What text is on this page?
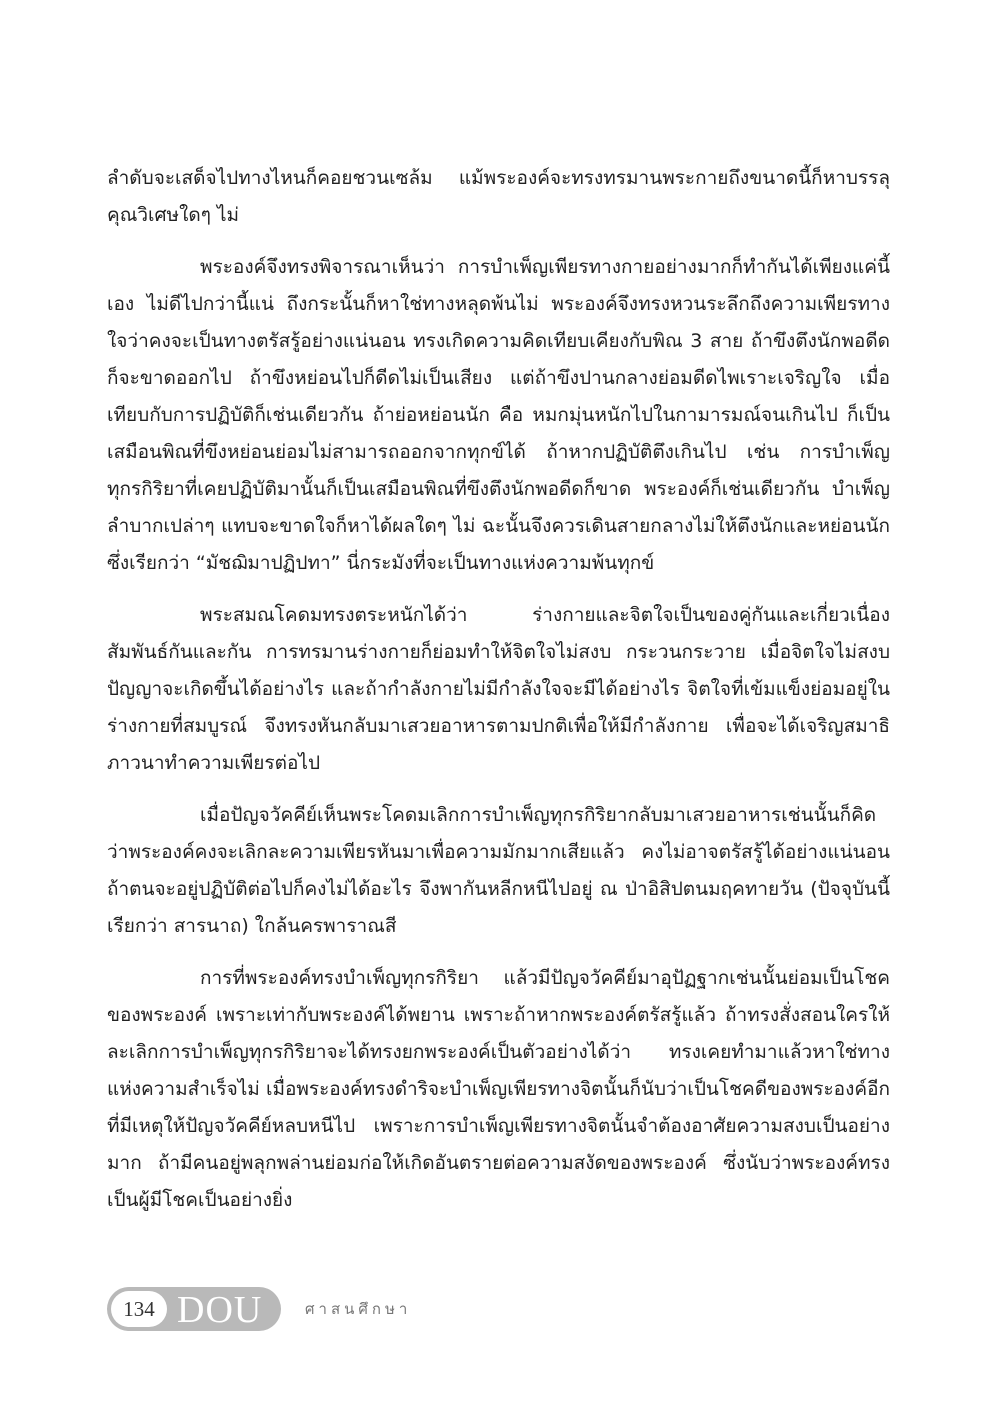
ลำดับจะเสด็จไปทางไหนก็คอยชวนเซล้ม แม้พระองค์จะทรงทรมานพระกายถึงขนาดนี้ก็หาบรรลุคุณวิเศษใดๆ ไม่

พระองค์จึงทรงพิจารณาเห็นว่า การบำเพ็ญเพียรทางกายอย่างมากก็ทำกันได้เพียงแค่นี้เอง ไม่ดีไปกว่านี้แน่ ถึงกระนั้นก็หาใช่ทางหลุดพ้นไม่ พระองค์จึงทรงหวนระลึกถึงความเพียรทางใจว่าคงจะเป็นทางตรัสรู้อย่างแน่นอน ทรงเกิดความคิดเทียบเคียงกับพิณ 3 สาย ถ้าขึงตึงนักพอดีดก็จะขาดออกไป ถ้าขึงหย่อนไปก็ดีดไม่เป็นเสียง แต่ถ้าขึงปานกลางย่อมดีดไพเราะเจริญใจ เมื่อเทียบกับการปฏิบัติก็เช่นเดียวกัน ถ้าย่อหย่อนนัก คือ หมกมุ่นหนักไปในกามารมณ์จนเกินไป ก็เป็นเสมือนพิณที่ขึงหย่อนย่อมไม่สามารถออกจากทุกข์ได้ ถ้าหากปฏิบัติตึงเกินไป เช่น การบำเพ็ญทุกรกิริยาที่เคยปฏิบัติมานั้นก็เป็นเสมือนพิณที่ขึงตึงนักพอดีดก็ขาด พระองค์ก็เช่นเดียวกัน บำเพ็ญลำบากเปล่าๆ แทบจะขาดใจก็หาได้ผลใดๆ ไม่ ฉะนั้นจึงควรเดินสายกลางไม่ให้ตึงนักและหย่อนนัก ซึ่งเรียกว่า “มัชฌิมาปฏิปทา” นี่กระมังที่จะเป็นทางแห่งความพ้นทุกข์

พระสมณโคดมทรงตระหนักได้ว่า ร่างกายและจิตใจเป็นของคู่กันและเกี่ยวเนื่องสัมพันธ์กันและกัน การทรมานร่างกายก็ย่อมทำให้จิตใจไม่สงบ กระวนกระวาย เมื่อจิตใจไม่สงบปัญญาจะเกิดขึ้นได้อย่างไร และถ้ากำลังกายไม่มีกำลังใจจะมีได้อย่างไร จิตใจที่เข้มแข็งย่อมอยู่ในร่างกายที่สมบูรณ์ จึงทรงหันกลับมาเสวยอาหารตามปกติเพื่อให้มีกำลังกาย เพื่อจะได้เจริญสมาธิภาวนาทำความเพียรต่อไป

เมื่อปัญจวัคคีย์เห็นพระโคดมเลิกการบำเพ็ญทุกรกิริยากลับมาเสวยอาหารเช่นนั้นก็คิดว่าพระองค์คงจะเลิกละความเพียรหันมาเพื่อความมักมากเสียแล้ว คงไม่อาจตรัสรู้ได้อย่างแน่นอน ถ้าตนจะอยู่ปฏิบัติต่อไปก็คงไม่ได้อะไร จึงพากันหลีกหนีไปอยู่ ณ ป่าอิสิปตนมฤคทายวัน (ปัจจุบันนี้เรียกว่า สารนาถ) ใกล้นครพาราณสี

การที่พระองค์ทรงบำเพ็ญทุกรกิริยา แล้วมีปัญจวัคคีย์มาอุปัฏฐากเช่นนั้นย่อมเป็นโชคของพระองค์ เพราะเท่ากับพระองค์ได้พยาน เพราะถ้าหากพระองค์ตรัสรู้แล้ว ถ้าทรงสั่งสอนใครให้ละเลิกการบำเพ็ญทุกรกิริยาจะได้ทรงยกพระองค์เป็นตัวอย่างได้ว่า ทรงเคยทำมาแล้วหาใช่ทางแห่งความสำเร็จไม่ เมื่อพระองค์ทรงดำริจะบำเพ็ญเพียรทางจิตนั้นก็นับว่าเป็นโชคดีของพระองค์อีก ที่มีเหตุให้ปัญจวัคคีย์หลบหนีไป เพราะการบำเพ็ญเพียรทางจิตนั้นจำต้องอาศัยความสงบเป็นอย่างมาก ถ้ามีคนอยู่พลุกพล่านย่อมก่อให้เกิดอันตรายต่อความสงัดของพระองค์ ซึ่งนับว่าพระองค์ทรงเป็นผู้มีโชคเป็นอย่างยิ่ง

134 DOU	ศาสนศึกษา
